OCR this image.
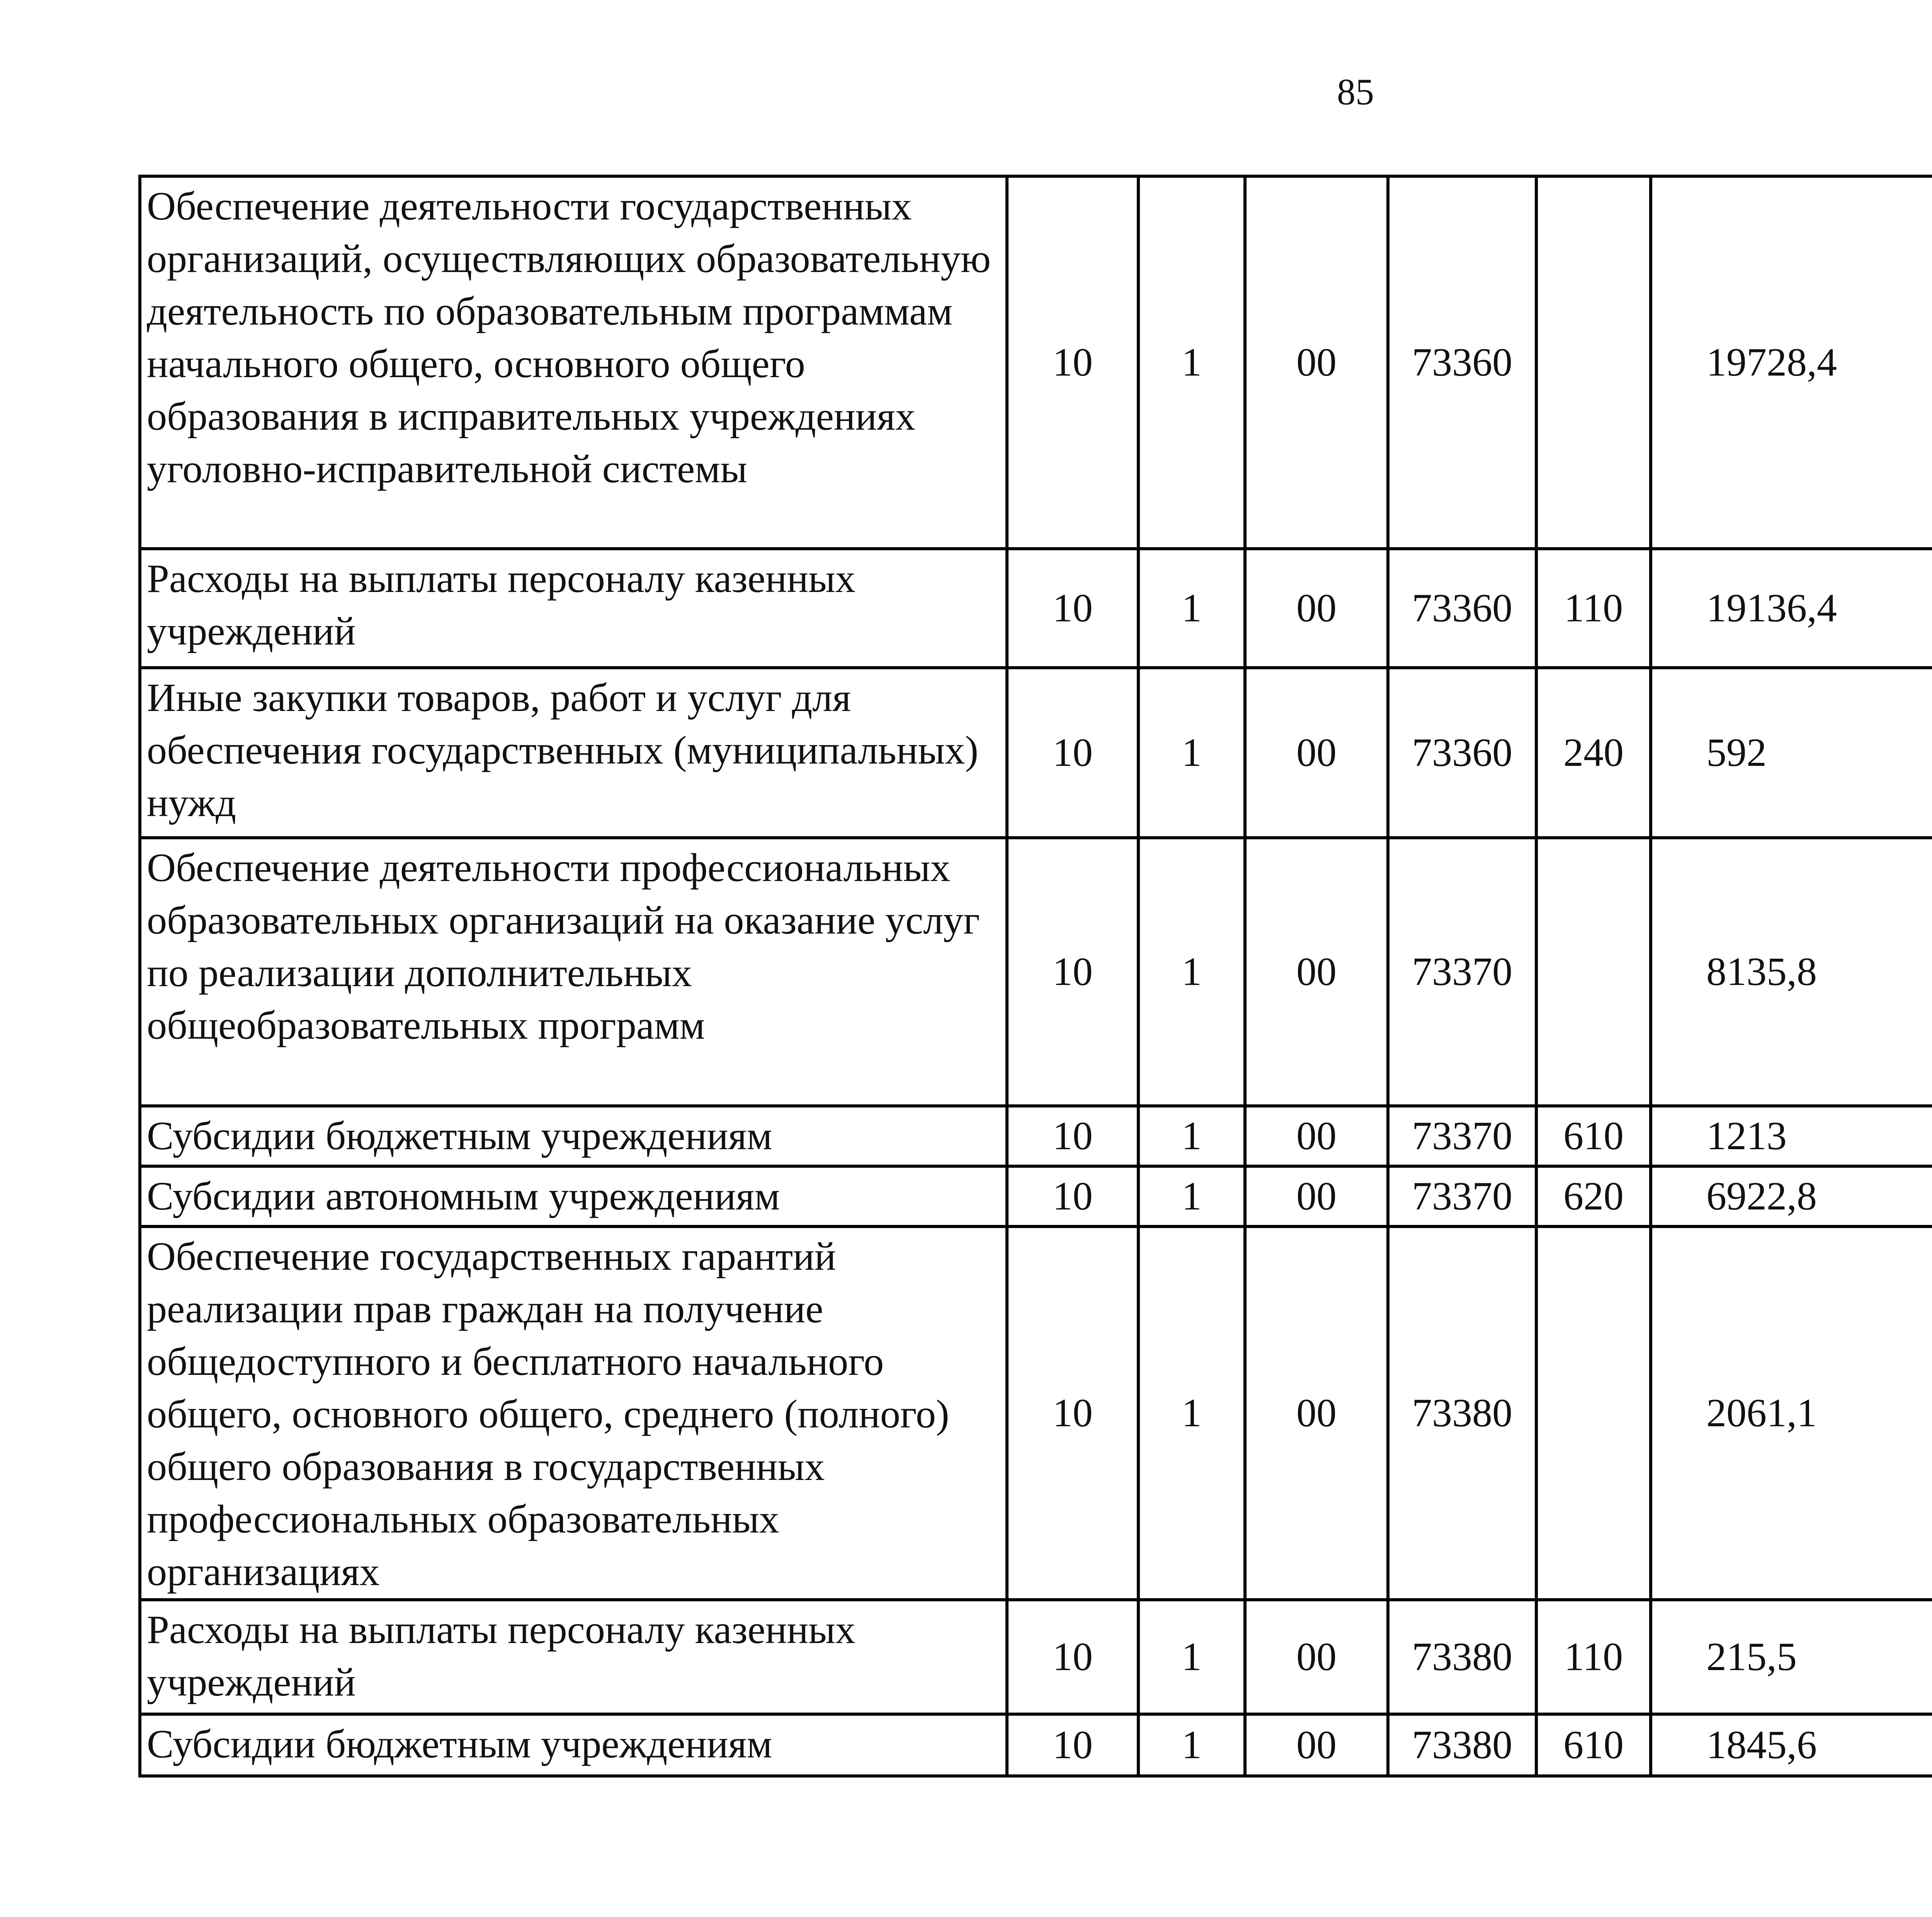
85
Обеспечение деятельности государственных организаций, осуществляющих образовательную деятельность по образовательным программам начального общего, основного общего образования в исправительных учреждениях уголовно-исправительной системы	10	1	00	73360		19728,4		
Расходы на выплаты персоналу казенных учреждений	10	1	00	73360	110	19136,4		
Иные закупки товаров, работ и услуг для обеспечения государственных (муниципальных) нужд	10	1	00	73360	240	592		
Обеспечение деятельности профессиональных образовательных организаций на оказание услуг по реализации дополнительных общеобразовательных программ	10	1	00	73370		8135,8		
Субсидии бюджетным учреждениям	10	1	00	73370	610	1213		
Субсидии автономным учреждениям	10	1	00	73370	620	6922,8		
Обеспечение государственных гарантий реализации прав граждан на получение общедоступного и бесплатного начального общего, основного общего, среднего (полного) общего образования в государственных профессиональных образовательных организациях	10	1	00	73380		2061,1		
Расходы на выплаты персоналу казенных учреждений	10	1	00	73380	110	215,5		
Субсидии бюджетным учреждениям	10	1	00	73380	610	1845,6		
